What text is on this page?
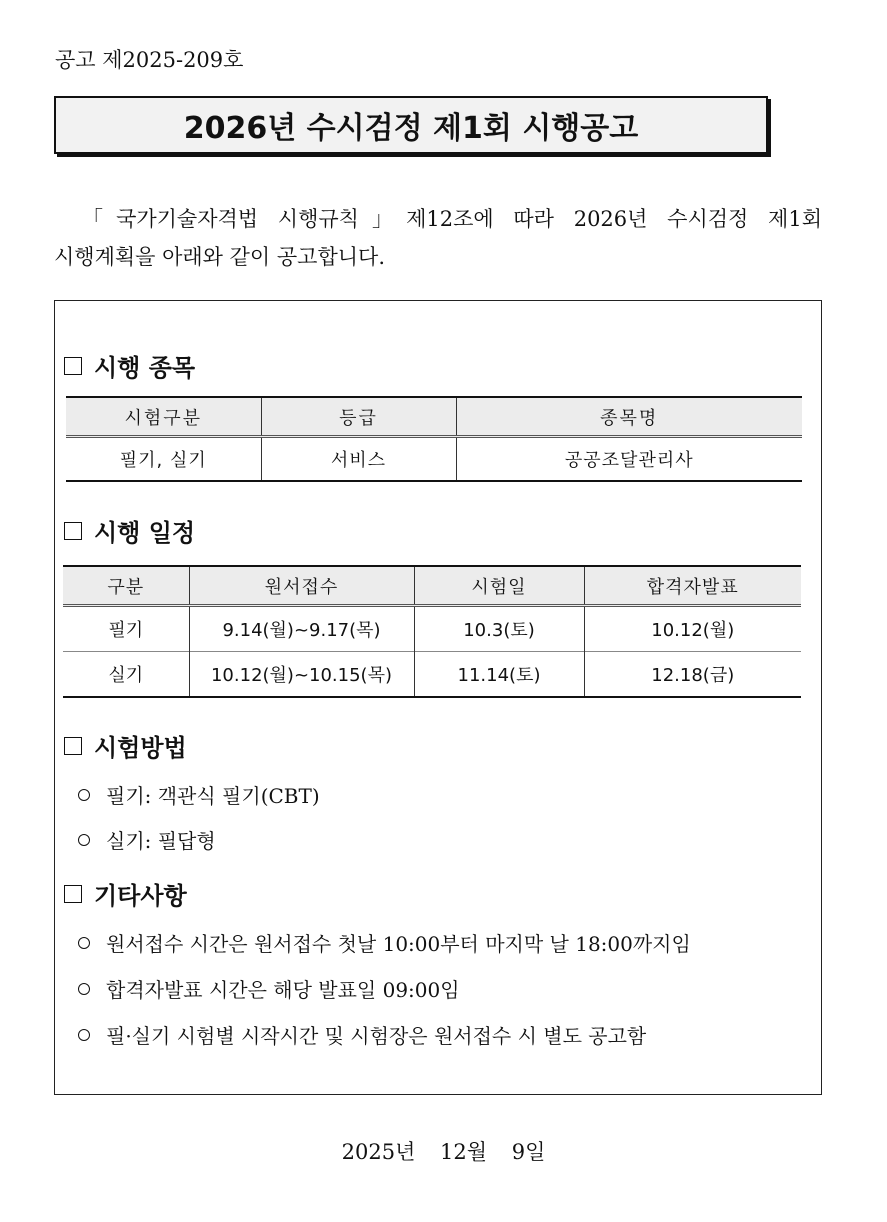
공고 제2025-209호
2026년 수시검정 제1회 시행공고
「국가기술자격법 시행규칙」제12조에 따라 2026년 수시검정 제1회
시행계획을 아래와 같이 공고합니다.
시행 종목
시험구분	등급	종목명
필기, 실기	서비스	공공조달관리사
시행 일정
구분	원서접수	시험일	합격자발표
필기	9.14(월)~9.17(목)	10.3(토)	10.12(월)
실기	10.12(월)~10.15(목)	11.14(토)	12.18(금)
시험방법
필기: 객관식 필기(CBT)
실기: 필답형
기타사항
원서접수 시간은 원서접수 첫날 10:00부터 마지막 날 18:00까지임
합격자발표 시간은 해당 발표일 09:00임
필·실기 시험별 시작시간 및 시험장은 원서접수 시 별도 공고함
2025년 12월 9일
